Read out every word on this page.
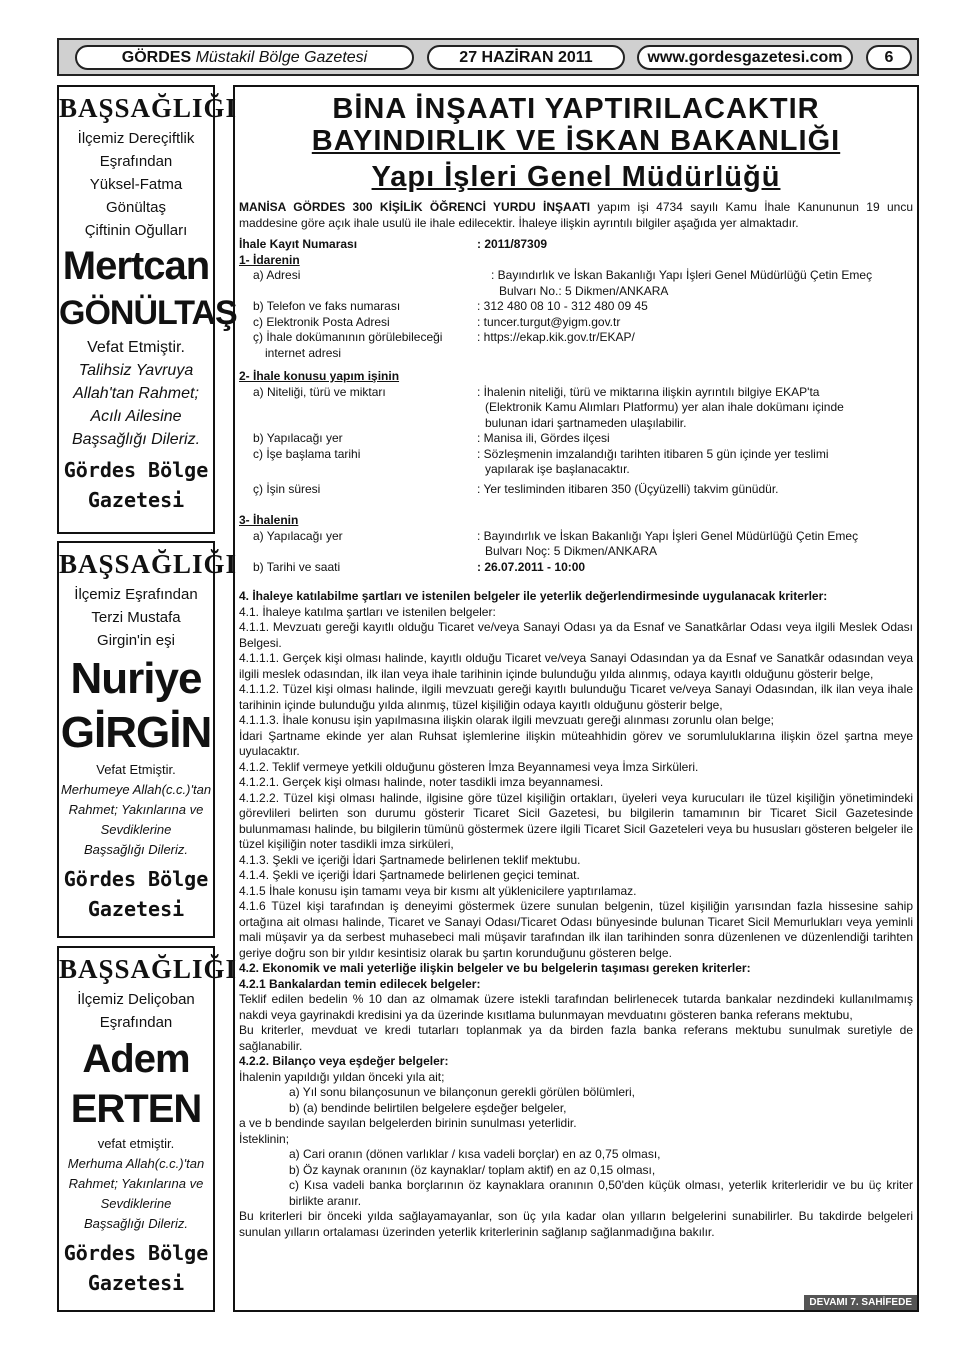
GÖRDES Müstakil Bölge Gazetesi	27 HAZİRAN 2011	www.gordesgazetesi.com	6
BAŞSAĞLIĞI
İlçemiz Dereçiftlik
Eşrafından
Yüksel-Fatma
Gönültaş
Çiftinin Oğulları
Mertcan
GÖNÜLTAŞ
Vefat Etmiştir.
Talihsiz Yavruya
Allah'tan Rahmet;
Acılı Ailesine
Başsağlığı Dileriz.
Gördes Bölge
Gazetesi
BAŞSAĞLIĞI
İlçemiz Eşrafından
Terzi Mustafa
Girgin'in eşi
Nuriye
GİRGİN
Vefat Etmiştir.
Merhumeye Allah(c.c.)'tan
Rahmet; Yakınlarına ve
Sevdiklerine
Başsağlığı Dileriz.
Gördes Bölge
Gazetesi
BAŞSAĞLIĞI
İlçemiz Deliçoban
Eşrafından
Adem
ERTEN
vefat etmiştir.
Merhuma Allah(c.c.)'tan
Rahmet; Yakınlarına ve
Sevdiklerine
Başsağlığı Dileriz.
Gördes Bölge
Gazetesi
BİNA İNŞAATI YAPTIRILACAKTIR
BAYINDIRLIK VE İSKAN BAKANLIĞI
Yapı İşleri Genel Müdürlüğü
MANİSA GÖRDES 300 KİŞİLİK ÖĞRENCİ YURDU İNŞAATI yapım işi 4734 sayılı Kamu İhale Kanununun 19 uncu maddesine göre açık ihale usulü ile ihale edilecektir. İhaleye ilişkin ayrıntılı bilgiler aşağıda yer almaktadır.
İhale Kayıt Numarası	: 2011/87309
1- İdarenin
a) Adresi	: Bayındırlık ve İskan Bakanlığı Yapı İşleri Genel Müdürlüğü Çetin Emeç
Bulvarı No.: 5 Dikmen/ANKARA
b) Telefon ve faks numarası	: 312 480 08 10 - 312 480 09 45
c) Elektronik Posta Adresi	: tuncer.turgut@yigm.gov.tr
ç) İhale dokümanının görülebileceği	: https://ekap.kik.gov.tr/EKAP/
internet adresi

2- İhale konusu yapım işinin
a) Niteliği, türü ve miktarı	: İhalenin niteliği, türü ve miktarına ilişkin ayrıntılı bilgiye EKAP'ta
(Elektronik Kamu Alımları Platformu) yer alan ihale dokümanı içinde
bulunan idari şartnameden ulaşılabilir.
b) Yapılacağı yer	: Manisa ili, Gördes ilçesi
c) İşe başlama tarihi	: Sözleşmenin imzalandığı tarihten itibaren 5 gün içinde yer teslimi
yapılarak işe başlanacaktır.
ç) İşin süresi	: Yer tesliminden itibaren 350 (Üçyüzelli) takvim günüdür.
3- İhalenin
a) Yapılacağı yer	: Bayındırlık ve İskan Bakanlığı Yapı İşleri Genel Müdürlüğü Çetin Emeç
Bulvarı Noç: 5 Dikmen/ANKARA
b) Tarihi ve saati	: 26.07.2011 - 10:00
4. İhaleye katılabilme şartları ve istenilen belgeler ile yeterlik değerlendirmesinde uygulanacak kriterler:

4.1. İhaleye katılma şartları ve istenilen belgeler:

4.1.1. Mevzuatı gereği kayıtlı olduğu Ticaret ve/veya Sanayi Odası ya da Esnaf ve Sanatkârlar Odası veya ilgili Meslek Odası Belgesi.

4.1.1.1. Gerçek kişi olması halinde, kayıtlı olduğu Ticaret ve/veya Sanayi Odasından ya da Esnaf ve Sanatkâr odasından veya ilgili meslek odasından, ilk ilan veya ihale tarihinin içinde bulunduğu yılda alınmış, odaya kayıtlı olduğunu gösterir belge,

4.1.1.2. Tüzel kişi olması halinde, ilgili mevzuatı gereği kayıtlı bulunduğu Ticaret ve/veya Sanayi Odasından, ilk ilan veya ihale tarihinin içinde bulunduğu yılda alınmış, tüzel kişiliğin odaya kayıtlı olduğunu gösterir belge,

4.1.1.3. İhale konusu işin yapılmasına ilişkin olarak ilgili mevzuatı gereği alınması zorunlu olan belge;

İdari Şartname ekinde yer alan Ruhsat işlemlerine ilişkin müteahhidin görev ve sorumluluklarına ilişkin özel şartna meye uyulacaktır.

4.1.2. Teklif vermeye yetkili olduğunu gösteren İmza Beyannamesi veya İmza Sirküleri.

4.1.2.1. Gerçek kişi olması halinde, noter tasdikli imza beyannamesi.

4.1.2.2. Tüzel kişi olması halinde, ilgisine göre tüzel kişiliğin ortakları, üyeleri veya kurucuları ile tüzel kişiliğin yönetimindeki görevlileri belirten son durumu gösterir Ticaret Sicil Gazetesi, bu bilgilerin tamamının bir Ticaret Sicil Gazetesinde bulunmaması halinde, bu bilgilerin tümünü göstermek üzere ilgili Ticaret Sicil Gazeteleri veya bu hususları gösteren belgeler ile tüzel kişiliğin noter tasdikli imza sirküleri,

4.1.3. Şekli ve içeriği İdari Şartnamede belirlenen teklif mektubu.

4.1.4. Şekli ve içeriği İdari Şartnamede belirlenen geçici teminat.

4.1.5 İhale konusu işin tamamı veya bir kısmı alt yüklenicilere yaptırılamaz.

4.1.6 Tüzel kişi tarafından iş deneyimi göstermek üzere sunulan belgenin, tüzel kişiliğin yarısından fazla hissesine sahip ortağına ait olması halinde, Ticaret ve Sanayi Odası/Ticaret Odası bünyesinde bulunan Ticaret Sicil Memurlukları veya yeminli mali müşavir ya da serbest muhasebeci mali müşavir tarafından ilk ilan tarihinden sonra düzenlenen ve düzenlendiği tarihten geriye doğru son bir yıldır kesintisiz olarak bu şartın korunduğunu gösteren belge.

4.2. Ekonomik ve mali yeterliğe ilişkin belgeler ve bu belgelerin taşıması gereken kriterler:

4.2.1 Bankalardan temin edilecek belgeler:

Teklif edilen bedelin % 10 dan az olmamak üzere istekli tarafından belirlenecek tutarda bankalar nezdindeki kullanılmamış nakdi veya gayrinakdi kredisini ya da üzerinde kısıtlama bulunmayan mevduatını gösteren banka referans mektubu,

Bu kriterler, mevduat ve kredi tutarları toplanmak ya da birden fazla banka referans mektubu sunulmak suretiyle de sağlanabilir.

4.2.2. Bilanço veya eşdeğer belgeler:

İhalenin yapıldığı yıldan önceki yıla ait;

a) Yıl sonu bilançosunun ve bilançonun gerekli görülen bölümleri,

b) (a) bendinde belirtilen belgelere eşdeğer belgeler,

a ve b bendinde sayılan belgelerden birinin sunulması yeterlidir.

İsteklinin;

a) Cari oranın (dönen varlıklar / kısa vadeli borçlar) en az 0,75 olması,

b) Öz kaynak oranının (öz kaynaklar/ toplam aktif) en az 0,15 olması,

c) Kısa vadeli banka borçlarının öz kaynaklara oranının 0,50'den küçük olması, yeterlik kriterleridir ve bu üç kriter birlikte aranır.

Bu kriterleri bir önceki yılda sağlayamayanlar, son üç yıla kadar olan yılların belgelerini sunabilirler. Bu takdirde belgeleri sunulan yılların ortalaması üzerinden yeterlik kriterlerinin sağlanıp sağlanmadığına bakılır.

DEVAMI 7. SAHİFEDE
